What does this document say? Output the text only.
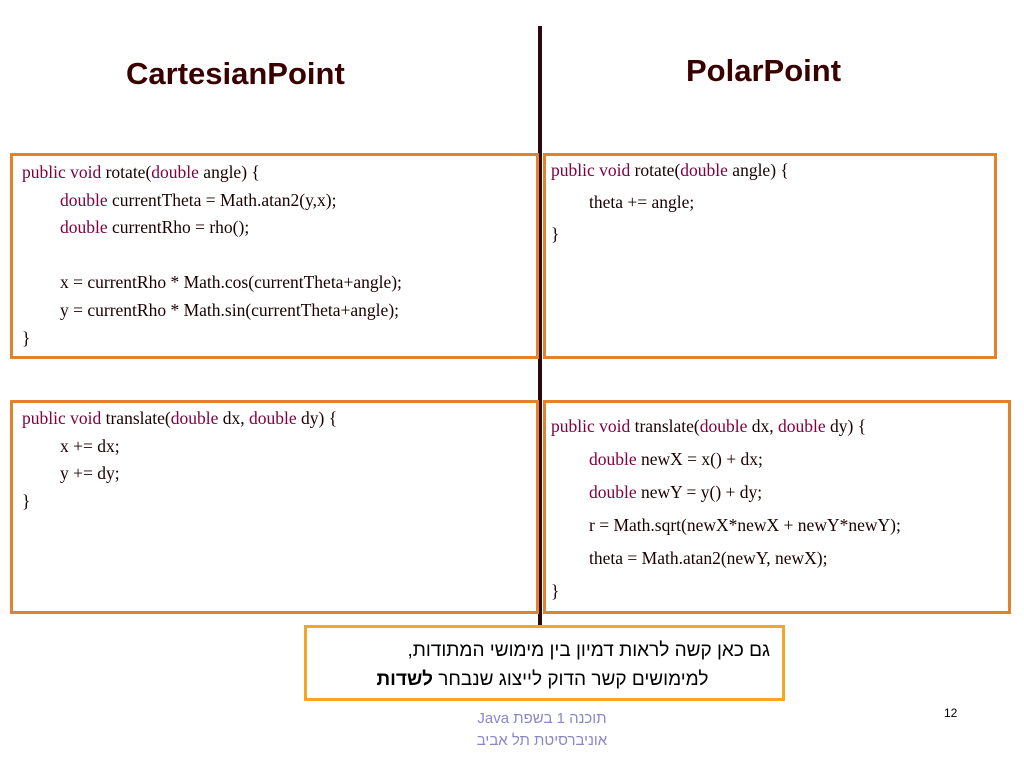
CartesianPoint	PolarPoint
public void rotate(double angle) {
double currentTheta = Math.atan2(y,x);
double currentRho = rho();
x = currentRho * Math.cos(currentTheta+angle);
y = currentRho * Math.sin(currentTheta+angle);
}
public void rotate(double angle) {
theta += angle;
}
public void translate(double dx, double dy) {
x += dx;
y += dy;
}
public void translate(double dx, double dy) {
double newX = x() + dx;
double newY = y() + dy;
r = Math.sqrt(newX*newX + newY*newY);
theta = Math.atan2(newY, newX);
}
גם כאן קשה לראות דמיון בין מימושי המתודות,

למימושים קשר הדוק לייצוג שנבחר לשדות
תוכנה 1 בשפת Java
אוניברסיטת תל אביב
12
